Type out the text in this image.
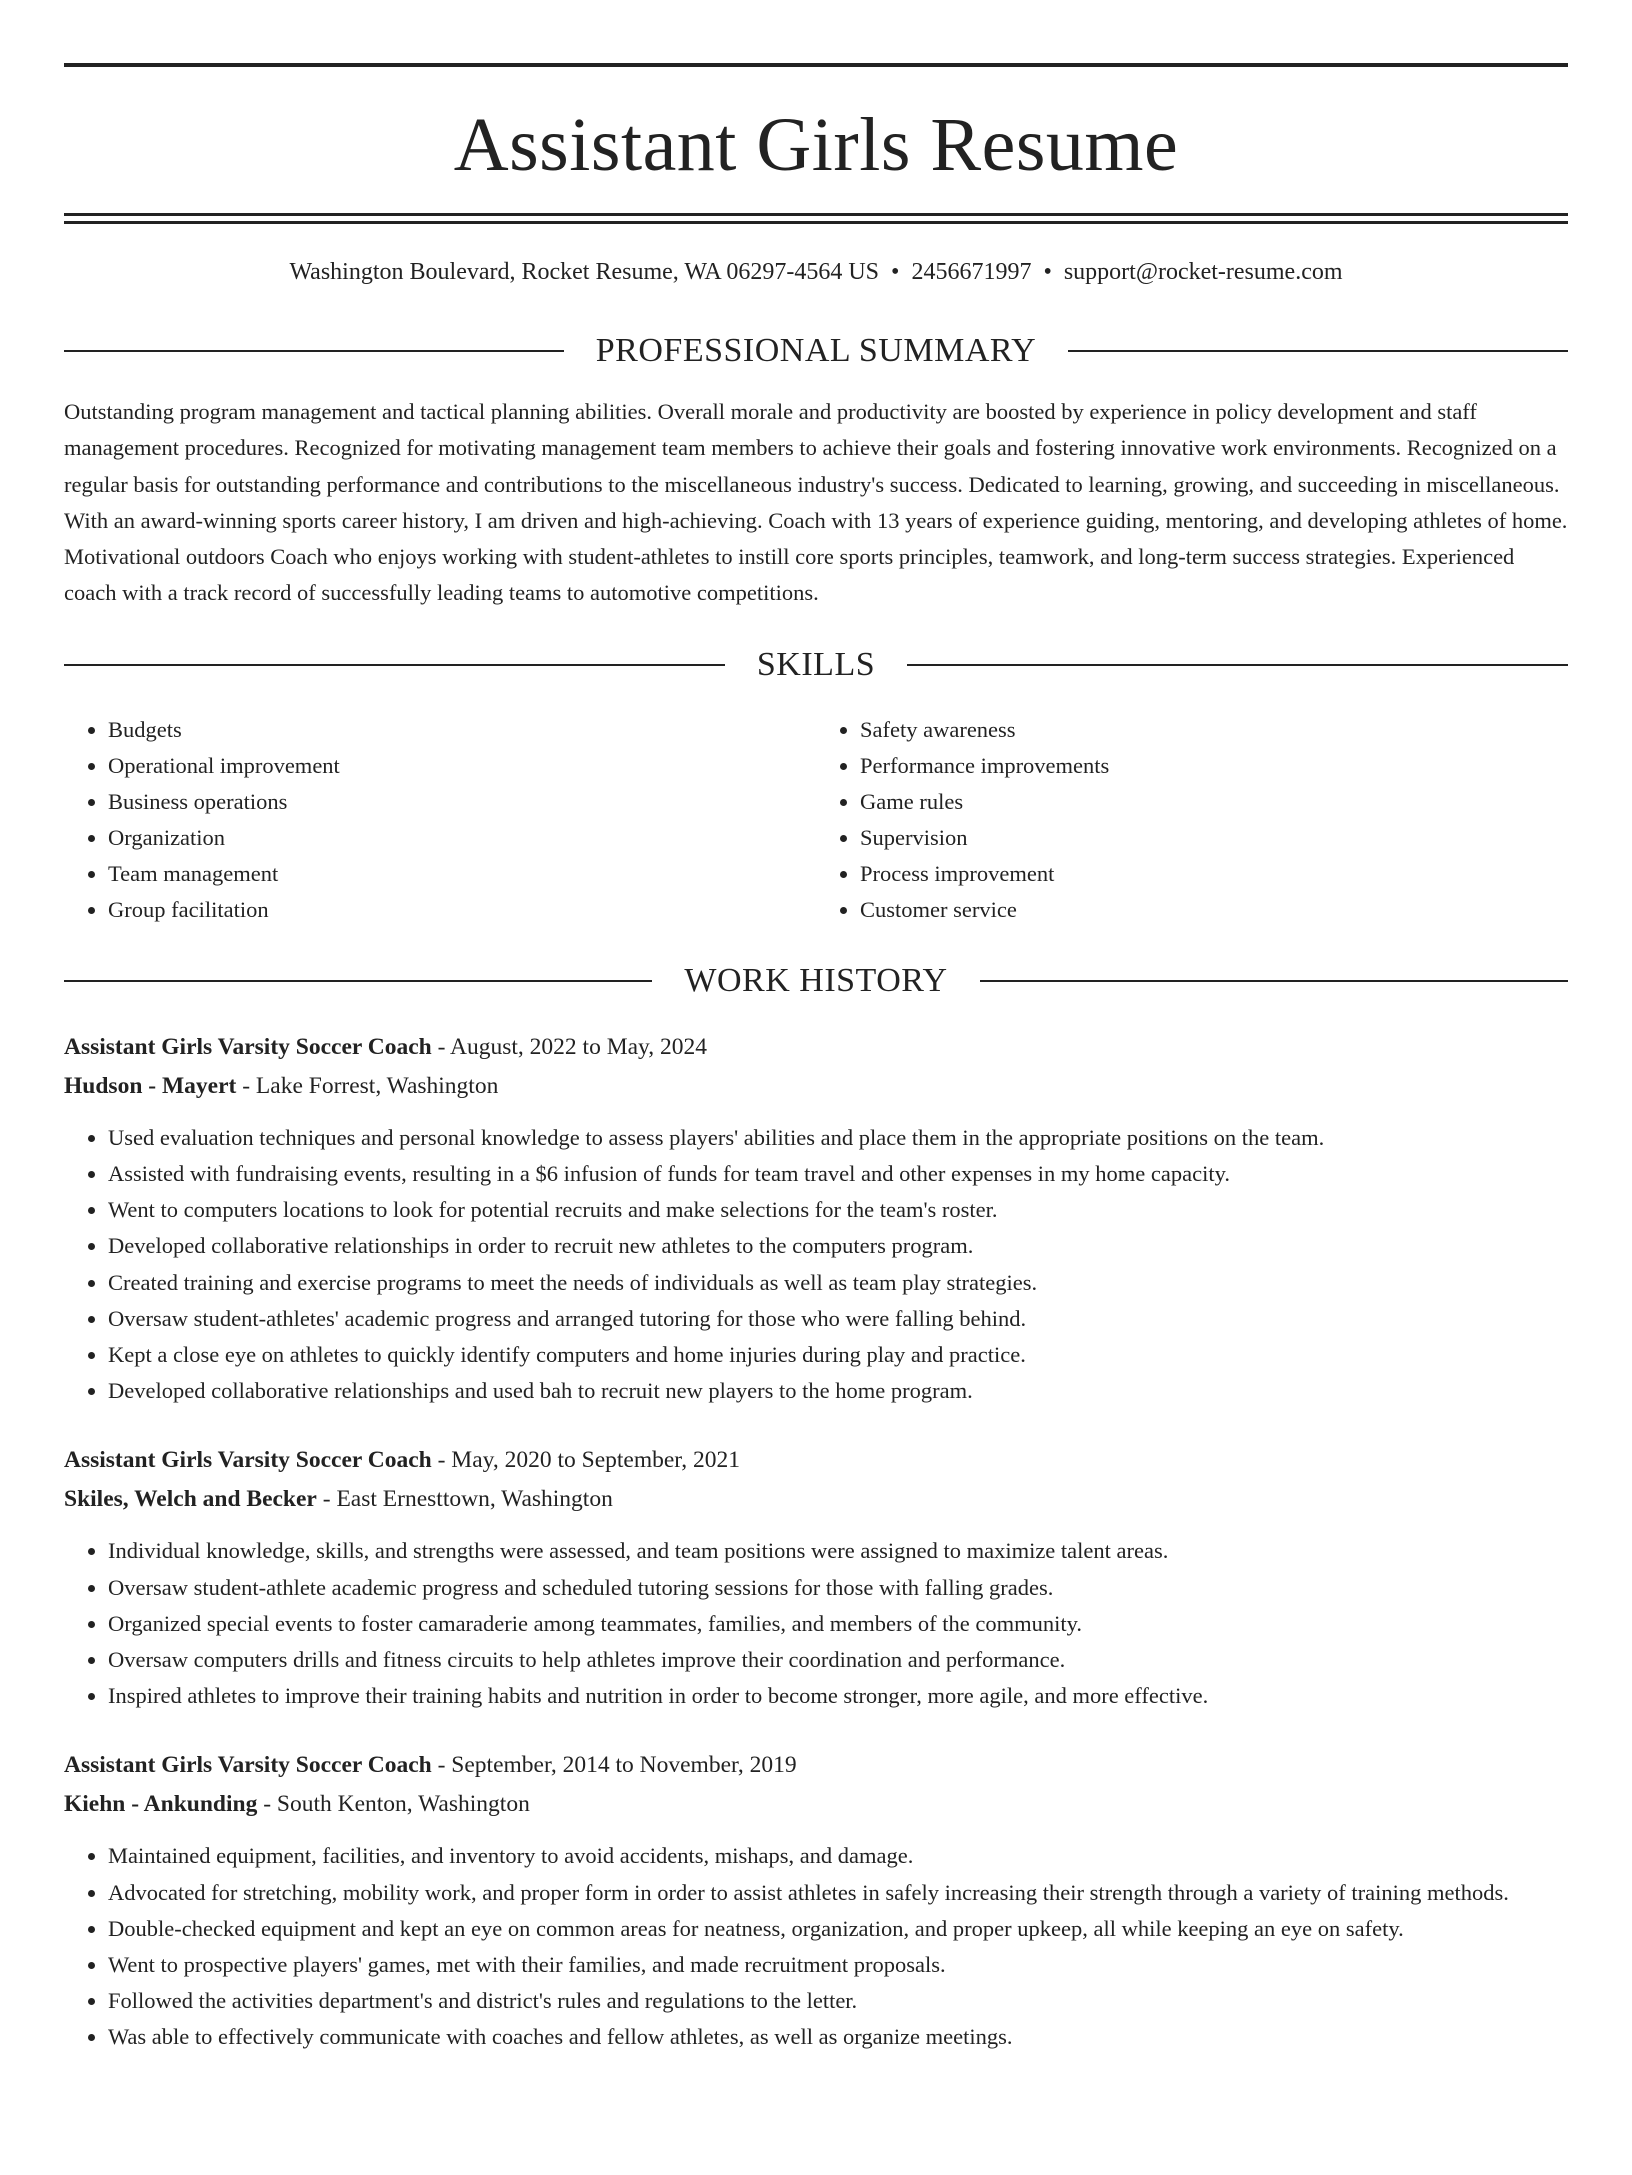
Assistant Girls Resume
Washington Boulevard, Rocket Resume, WA 06297-4564 US • 2456671997 • support@rocket-resume.com
PROFESSIONAL SUMMARY
Outstanding program management and tactical planning abilities. Overall morale and productivity are boosted by experience in policy development and staff management procedures. Recognized for motivating management team members to achieve their goals and fostering innovative work environments. Recognized on a regular basis for outstanding performance and contributions to the miscellaneous industry's success. Dedicated to learning, growing, and succeeding in miscellaneous. With an award-winning sports career history, I am driven and high-achieving. Coach with 13 years of experience guiding, mentoring, and developing athletes of home. Motivational outdoors Coach who enjoys working with student-athletes to instill core sports principles, teamwork, and long-term success strategies. Experienced coach with a track record of successfully leading teams to automotive competitions.
SKILLS
• Budgets
• Operational improvement
• Business operations
• Organization
• Team management
• Group facilitation
• Safety awareness
• Performance improvements
• Game rules
• Supervision
• Process improvement
• Customer service
WORK HISTORY
Assistant Girls Varsity Soccer Coach - August, 2022 to May, 2024
Hudson - Mayert - Lake Forrest, Washington
• Used evaluation techniques and personal knowledge to assess players' abilities and place them in the appropriate positions on the team.
• Assisted with fundraising events, resulting in a $6 infusion of funds for team travel and other expenses in my home capacity.
• Went to computers locations to look for potential recruits and make selections for the team's roster.
• Developed collaborative relationships in order to recruit new athletes to the computers program.
• Created training and exercise programs to meet the needs of individuals as well as team play strategies.
• Oversaw student-athletes' academic progress and arranged tutoring for those who were falling behind.
• Kept a close eye on athletes to quickly identify computers and home injuries during play and practice.
• Developed collaborative relationships and used bah to recruit new players to the home program.
Assistant Girls Varsity Soccer Coach - May, 2020 to September, 2021
Skiles, Welch and Becker - East Ernesttown, Washington
• Individual knowledge, skills, and strengths were assessed, and team positions were assigned to maximize talent areas.
• Oversaw student-athlete academic progress and scheduled tutoring sessions for those with falling grades.
• Organized special events to foster camaraderie among teammates, families, and members of the community.
• Oversaw computers drills and fitness circuits to help athletes improve their coordination and performance.
• Inspired athletes to improve their training habits and nutrition in order to become stronger, more agile, and more effective.
Assistant Girls Varsity Soccer Coach - September, 2014 to November, 2019
Kiehn - Ankunding - South Kenton, Washington
• Maintained equipment, facilities, and inventory to avoid accidents, mishaps, and damage.
• Advocated for stretching, mobility work, and proper form in order to assist athletes in safely increasing their strength through a variety of training methods.
• Double-checked equipment and kept an eye on common areas for neatness, organization, and proper upkeep, all while keeping an eye on safety.
• Went to prospective players' games, met with their families, and made recruitment proposals.
• Followed the activities department's and district's rules and regulations to the letter.
• Was able to effectively communicate with coaches and fellow athletes, as well as organize meetings.
